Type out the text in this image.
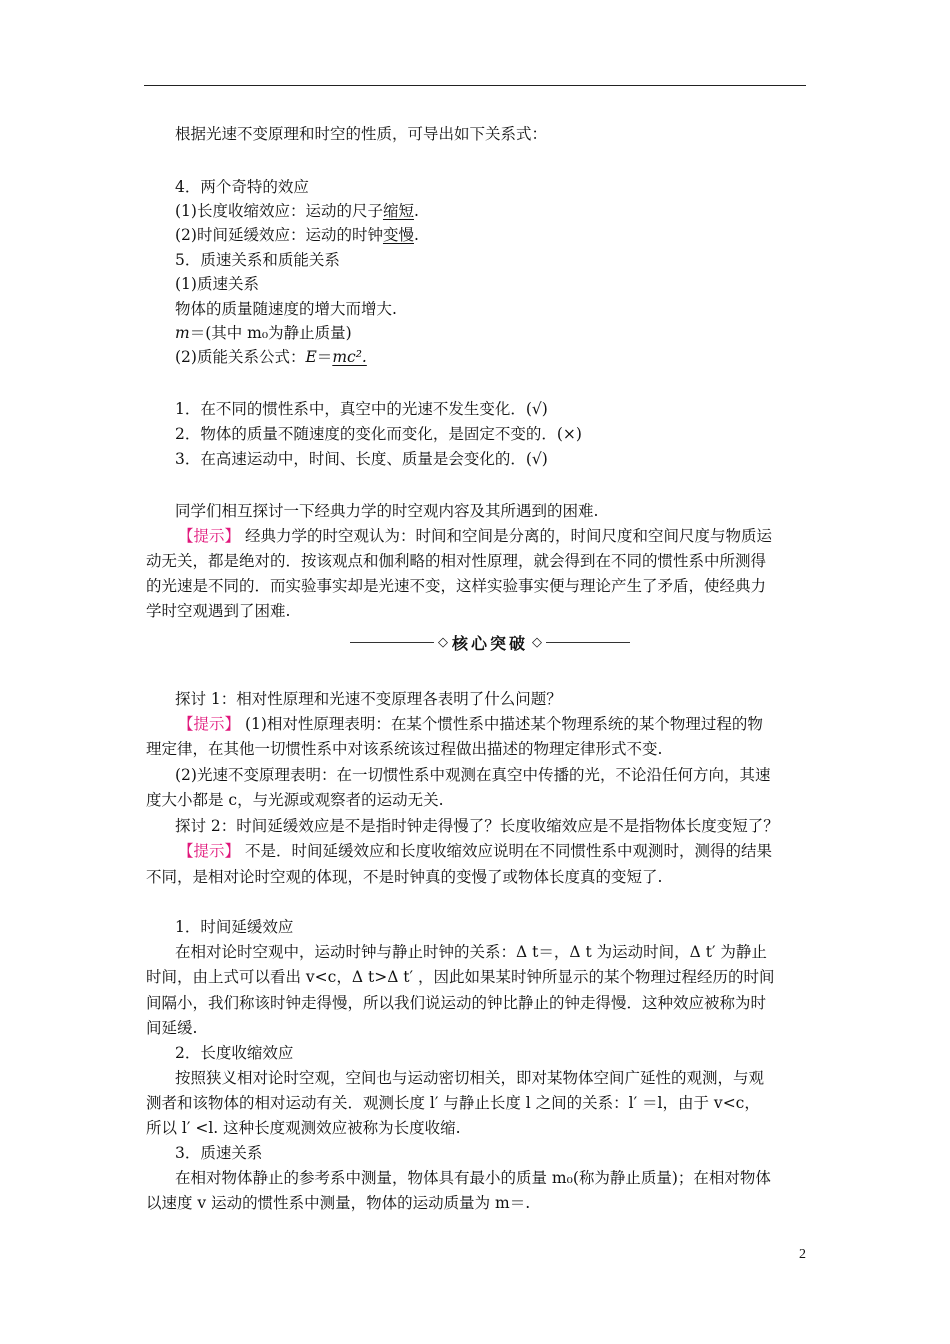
根据光速不变原理和时空的性质，可导出如下关系式：
4．两个奇特的效应
(1)长度收缩效应：运动的尺子缩短.
(2)时间延缓效应：运动的时钟变慢.
5．质速关系和质能关系
(1)质速关系
物体的质量随速度的增大而增大.
m＝(其中 m₀为静止质量)
(2)质能关系公式：E＝mc².
1．在不同的惯性系中，真空中的光速不发生变化．(√)
2．物体的质量不随速度的变化而变化，是固定不变的．(×)
3．在高速运动中，时间、长度、质量是会变化的．(√)
同学们相互探讨一下经典力学的时空观内容及其所遇到的困难.
【提示】 经典力学的时空观认为：时间和空间是分离的，时间尺度和空间尺度与物质运
动无关，都是绝对的．按该观点和伽利略的相对性原理，就会得到在不同的惯性系中所测得
的光速是不同的．而实验事实却是光速不变，这样实验事实便与理论产生了矛盾，使经典力
学时空观遇到了困难.
◇ 核心突破 ◇
探讨 1：相对性原理和光速不变原理各表明了什么问题？
【提示】 (1)相对性原理表明：在某个惯性系中描述某个物理系统的某个物理过程的物
理定律，在其他一切惯性系中对该系统该过程做出描述的物理定律形式不变.
(2)光速不变原理表明：在一切惯性系中观测在真空中传播的光，不论沿任何方向，其速
度大小都是 c，与光源或观察者的运动无关.
探讨 2：时间延缓效应是不是指时钟走得慢了？长度收缩效应是不是指物体长度变短了？
【提示】 不是．时间延缓效应和长度收缩效应说明在不同惯性系中观测时，测得的结果
不同，是相对论时空观的体现，不是时钟真的变慢了或物体长度真的变短了.
1．时间延缓效应
在相对论时空观中，运动时钟与静止时钟的关系：Δ t＝，Δ t 为运动时间，Δ t′ 为静止
时间，由上式可以看出 v<c，Δ t>Δ t′ ，因此如果某时钟所显示的某个物理过程经历的时间
间隔小，我们称该时钟走得慢，所以我们说运动的钟比静止的钟走得慢．这种效应被称为时
间延缓.
2．长度收缩效应
按照狭义相对论时空观，空间也与运动密切相关，即对某物体空间广延性的观测，与观
测者和该物体的相对运动有关．观测长度 l′ 与静止长度 l 之间的关系：l′ ＝l，由于 v<c，
所以 l′ <l. 这种长度观测效应被称为长度收缩.
3．质速关系
在相对物体静止的参考系中测量，物体具有最小的质量 m₀(称为静止质量)；在相对物体
以速度 v 运动的惯性系中测量，物体的运动质量为 m＝.
2
